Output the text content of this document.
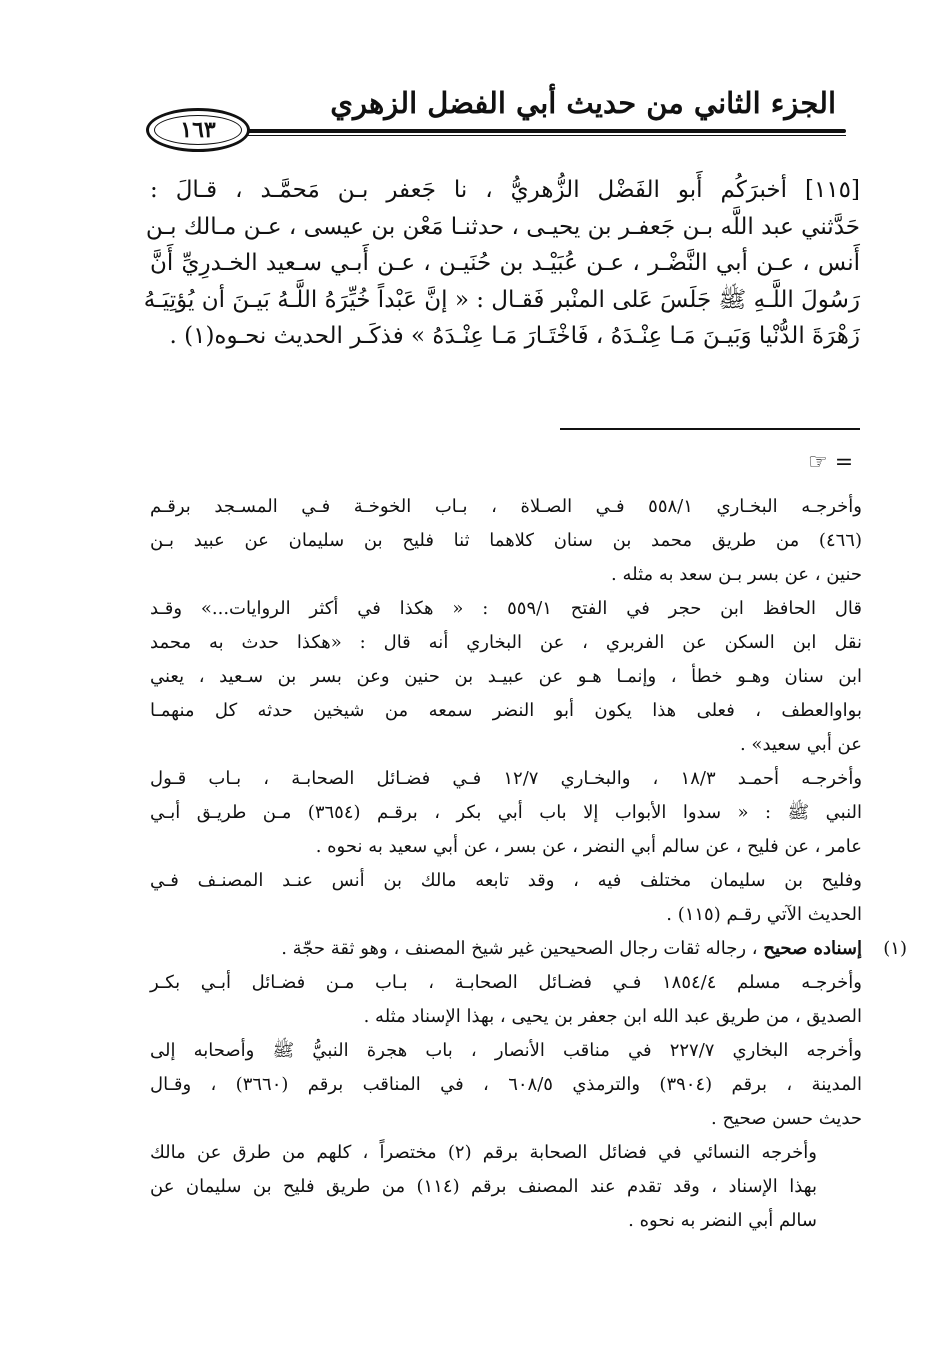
الجزء الثاني من حديث أبي الفضل الزهري
١٦٣
[١١٥] أخبرَكُم أَبو الفَضْل الزُّهريُّ ، نا جَعفر بـن مَحمَّـد ، قـالَ :
حَدَّثني عبد اللَّه بـن جَعفـر بن يحيـى ، حدثنـا مَعْن بن عيسى ، عـن مـالك بـن
أَنس ، عـن أبي النَّضْـر ، عـن عُبَيْـد بن حُنَيـن ، عـن أَبـي سـعيد الخـدرِيِّ أَنَّ
رَسُولَ اللَّـهِ ﷺ جَلَسَ عَلى المنْبر فَقـال : « إنَّ عَبْداً خُيِّرَهُ اللَّـهُ بَيـنَ أن يُؤتِيَـهُ
زَهْرَةَ الدُّنْيا وَبَيـنَ مَـا عِنْـدَهُ ، فَاخْتَـارَ مَـا عِنْـدَهُ » فذكَـر الحديث نحـوه(١) .
= ☞
وأخرجـه البخـاري ٥٥٨/١ فـي الصـلاة ، بـاب الخوخـة فـي المسـجد برقـم
(٤٦٦) من طريق محمد بن سنان كلاهما ثنا فليح بن سليمان عن عبيد بـن
حنين ، عن بسر بـن سعد به مثله .
قال الحافظ ابن حجر في الفتح ٥٥٩/١ : « هكذا في أكثر الروايات...» وقـد
نقل ابن السكن عن الفربري ، عن البخاري أنه قال : «هكذا حدث به محمد
ابن سنان وهـو خطأ ، وإنمـا هـو عن عبيـد بن حنين وعن بسر بن سـعيد ، يعني
بواوالعطف ، فعلى هذا يكون أبو النضر سمعه من شيخين حدثه كل منهمـا
عن أبي سعيد» .
وأخرجـه أحمـد ١٨/٣ ، والبخـاري ١٢/٧ فـي فضـائل الصحابـة ، بـاب قـول
النبي ﷺ : « سدوا الأبواب إلا باب أبي بكر ، برقـم (٣٦٥٤) مـن طريـق أبـي
عامر ، عن فليح ، عن سالم أبي النضر ، عن بسر ، عن أبي سعيد به نحوه .
وفليح بن سليمان مختلف فيه ، وقد تابعه مالك بن أنس عنـد المصنـف فـي
الحديث الآتي رقـم (١١٥) .
(١)
إسناده صحيح ، رجاله ثقات رجال الصحيحين غير شيخ المصنف ، وهو ثقة حجّة .
وأخرجـه مسلم ١٨٥٤/٤ فـي فضـائل الصحابـة ، بـاب مـن فضـائل أبـي بكـر
الصديق ، من طريق عبد الله ابن جعفر بن يحيى ، بهذا الإسناد مثله .
وأخرجه البخاري ٢٢٧/٧ في مناقب الأنصار ، باب هجرة النبيُّ ﷺ وأصحابه إلى
المدينة ، برقم (٣٩٠٤) والترمذي ٦٠٨/٥ ، في المناقب برقم (٣٦٦٠) ، وقـال
حديث حسن صحيح .
وأخرجه النسائي في فضائل الصحابة برقم (٢) مختصراً ، كلهم من طرق عن مالك
بهذا الإسناد ، وقد تقدم عند المصنف برقم (١١٤) من طريق فليح بن سليمان عن
سالم أبي النضر به نحوه .
